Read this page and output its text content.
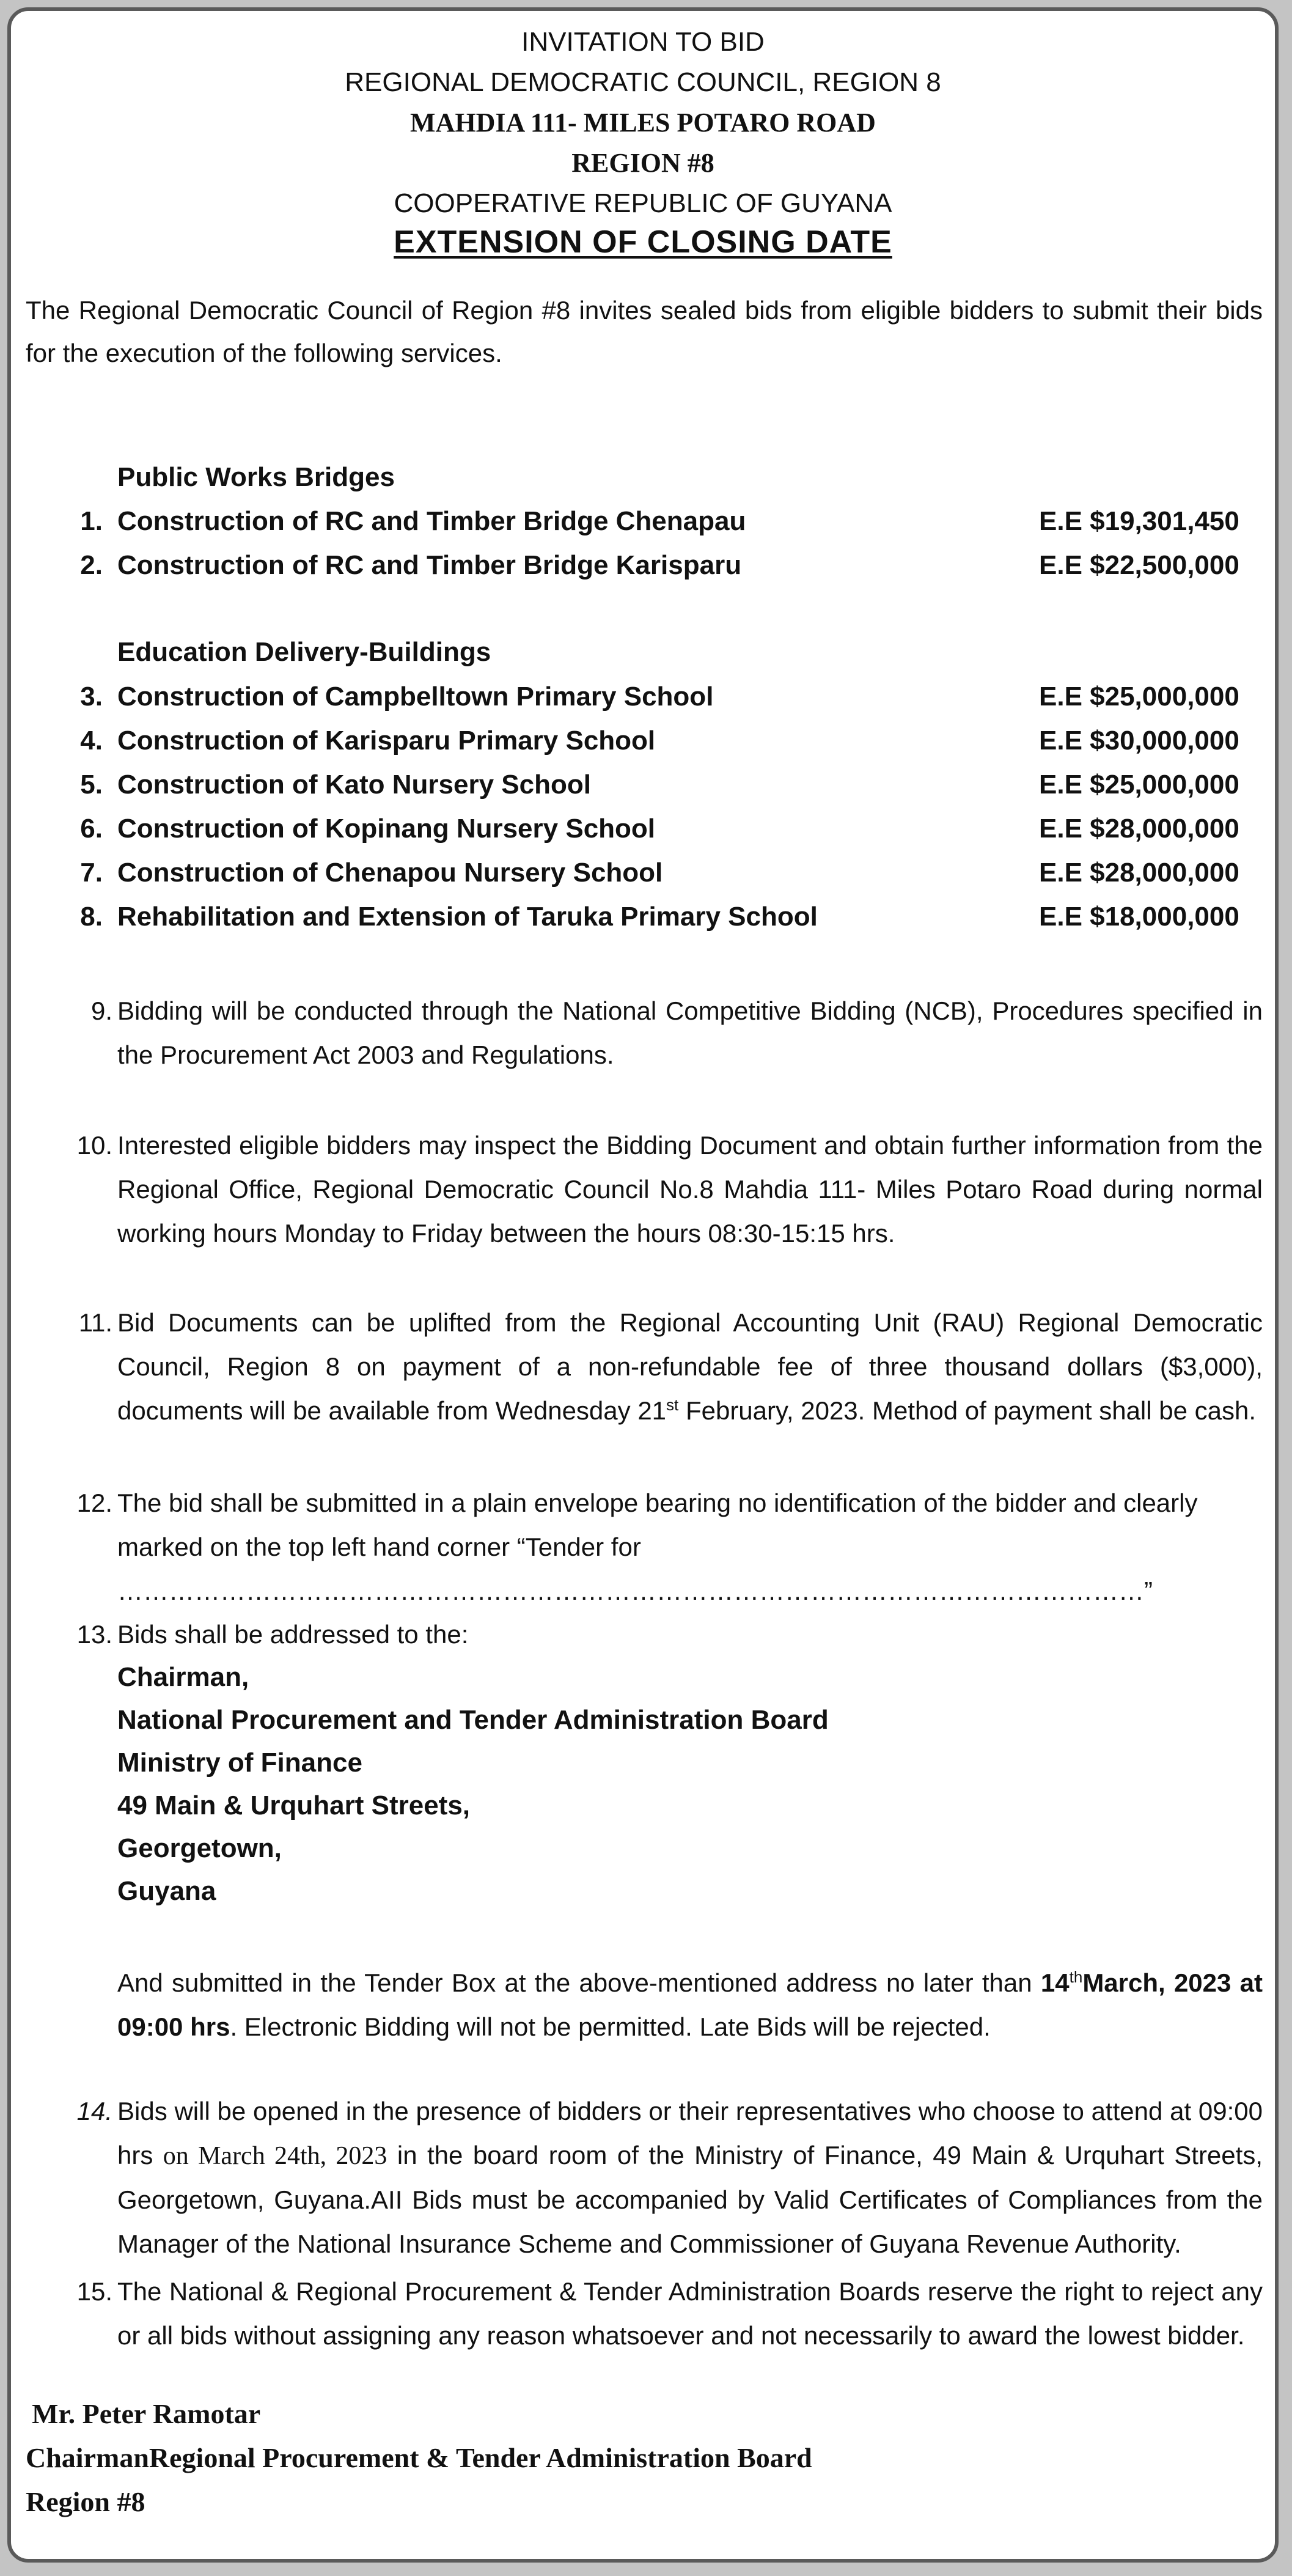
INVITATION TO BID
REGIONAL DEMOCRATIC COUNCIL, REGION 8
MAHDIA 111- MILES POTARO ROAD
REGION #8
COOPERATIVE REPUBLIC OF GUYANA
EXTENSION OF CLOSING DATE
The Regional Democratic Council of Region #8 invites sealed bids from eligible bidders to submit their bids for the execution of the following services.
Public Works Bridges
1. Construction of RC and Timber Bridge Chenapau	E.E $19,301,450
2. Construction of RC and Timber Bridge Karisparu	E.E $22,500,000
Education Delivery-Buildings
3. Construction of Campbelltown Primary School	E.E $25,000,000
4. Construction of Karisparu Primary School	E.E $30,000,000
5. Construction of Kato Nursery School	E.E $25,000,000
6. Construction of Kopinang Nursery School	E.E $28,000,000
7. Construction of Chenapou Nursery School	E.E $28,000,000
8. Rehabilitation and Extension of Taruka Primary School	E.E $18,000,000
9. Bidding will be conducted through the National Competitive Bidding (NCB), Procedures specified in the Procurement Act 2003 and Regulations.
10. Interested eligible bidders may inspect the Bidding Document and obtain further information from the Regional Office, Regional Democratic Council No.8 Mahdia 111- Miles Potaro Road during normal working hours Monday to Friday between the hours 08:30-15:15 hrs.
11. Bid Documents can be uplifted from the Regional Accounting Unit (RAU) Regional Democratic Council, Region 8 on payment of a non-refundable fee of three thousand dollars ($3,000), documents will be available from Wednesday 21st February, 2023. Method of payment shall be cash.
12. The bid shall be submitted in a plain envelope bearing no identification of the bidder and clearly marked on the top left hand corner “Tender for …………………………………………………………………………………………………………”
13. Bids shall be addressed to the:
Chairman,
National Procurement and Tender Administration Board
Ministry of Finance
49 Main & Urquhart Streets,
Georgetown,
Guyana
And submitted in the Tender Box at the above-mentioned address no later than 14thMarch, 2023 at 09:00 hrs. Electronic Bidding will not be permitted. Late Bids will be rejected.
14. Bids will be opened in the presence of bidders or their representatives who choose to attend at 09:00 hrs on March 24th, 2023 in the board room of the Ministry of Finance, 49 Main & Urquhart Streets, Georgetown, Guyana.AII Bids must be accompanied by Valid Certificates of Compliances from the Manager of the National Insurance Scheme and Commissioner of Guyana Revenue Authority.
15. The National & Regional Procurement & Tender Administration Boards reserve the right to reject any or all bids without assigning any reason whatsoever and not necessarily to award the lowest bidder.
Mr. Peter Ramotar
ChairmanRegional Procurement & Tender Administration Board
Region #8
